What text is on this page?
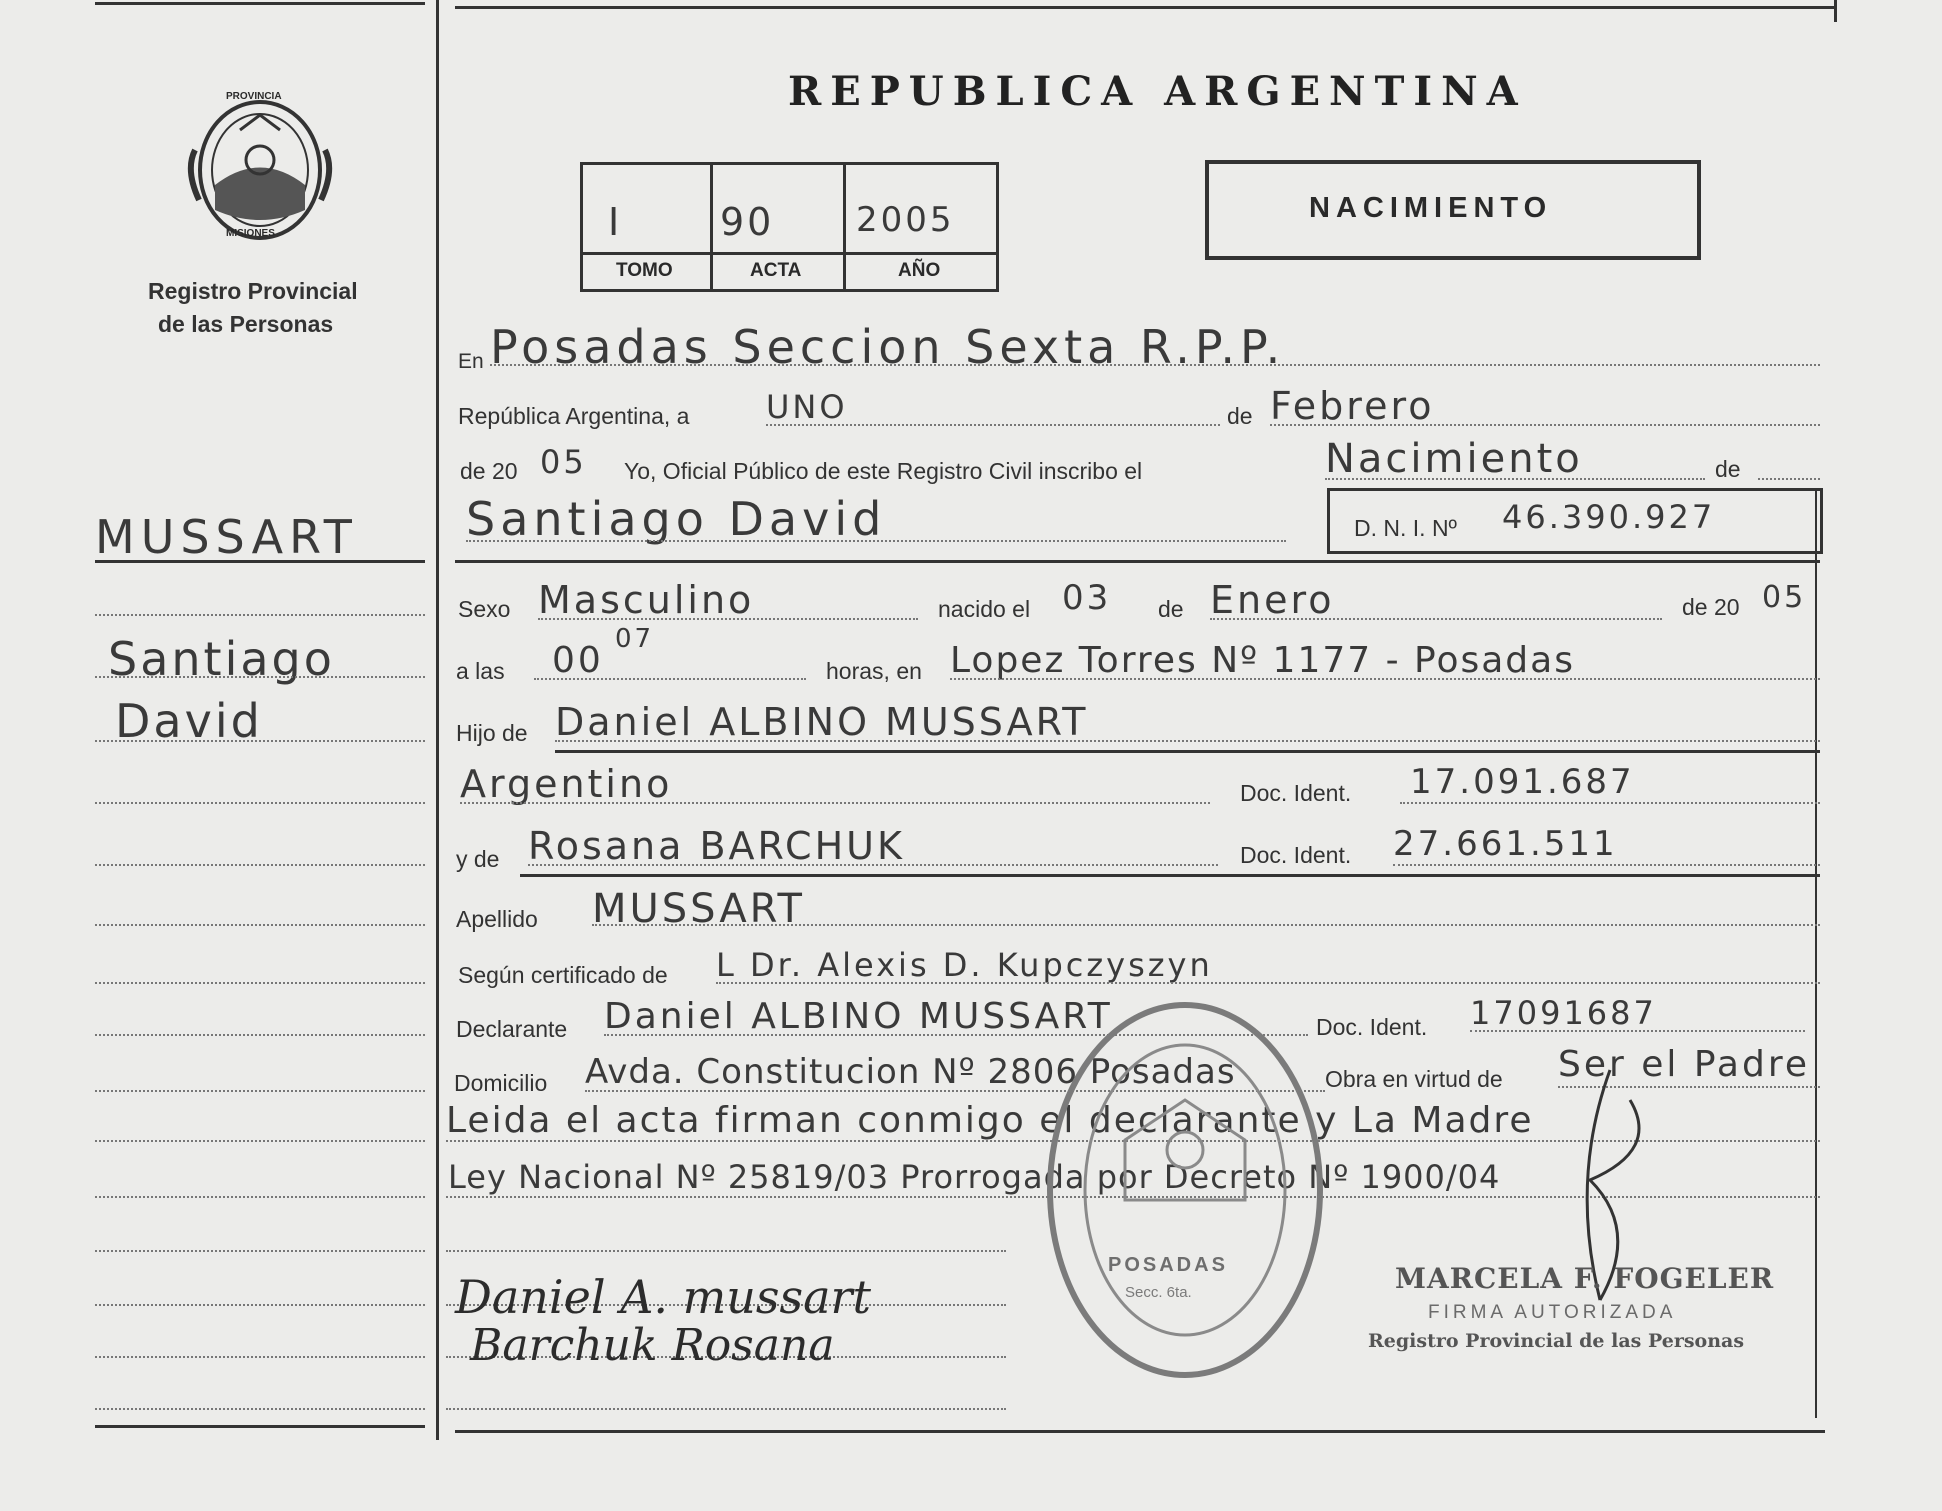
PROVINCIA
MISIONES
Registro Provincial
de las Personas
REPUBLICA ARGENTINA
I	90 2005
TOMO	ACTA	AÑO
NACIMIENTO
MUSSART
Santiago
David
En Posadas Seccion Sexta R.P.P.
República Argentina, a UNO	de Febrero
de 20 05 Yo, Oficial Público de este Registro Civil inscribo el	Nacimiento	de
Santiago David	D. N. I. Nº 46.390.927
Sexo Masculino	nacido el 03 de Enero	de 20 05
a las 00
07
horas, en Lopez Torres Nº 1177 - Posadas
Hijo de Daniel ALBINO MUSSART
Argentino	Doc. Ident. 17.091.687
y de Rosana BARCHUK	Doc. Ident. 27.661.511
Apellido MUSSART
Según certificado de L Dr. Alexis D. Kupczyszyn
Declarante Daniel ALBINO MUSSART	Doc. Ident. 17091687
Domicilio Avda. Constitucion Nº 2806 Posadas	Obra en virtud de Ser el Padre
Leida el acta firman conmigo el declarante y La Madre
Ley Nacional Nº 25819/03 Prorrogada por Decreto Nº 1900/04
Daniel A. mussart
Barchuk Rosana
POSADAS
Secc. 6ta.	MARCELA F. FOGELER
FIRMA AUTORIZADA
Registro Provincial de las Personas
